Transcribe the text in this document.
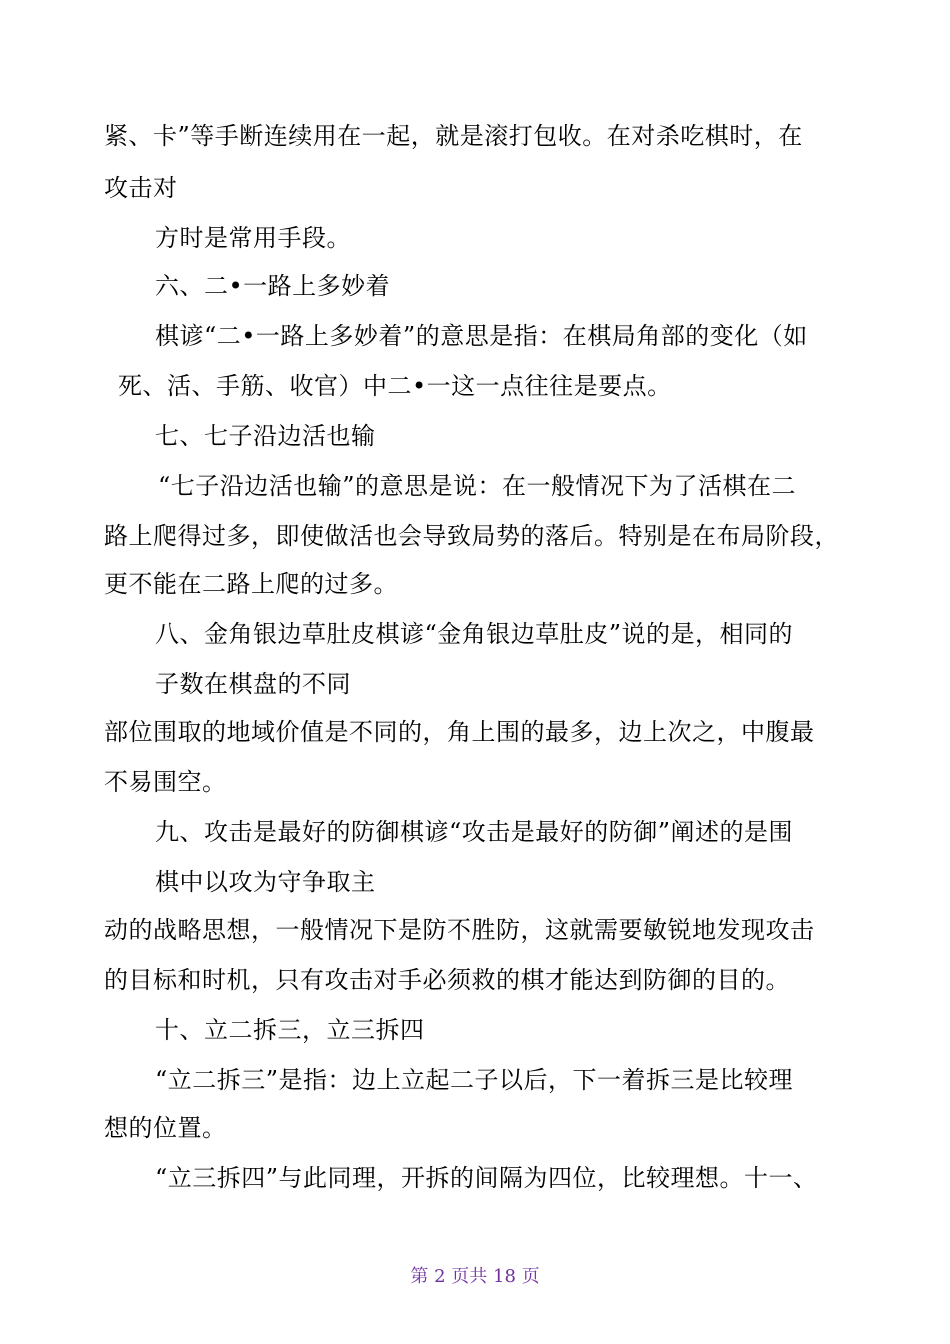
紧、卡”等手断连续用在一起，就是滚打包收。在对杀吃棋时，在
攻击对
方时是常用手段。
六、二•一路上多妙着
棋谚“二•一路上多妙着”的意思是指：在棋局角部的变化（如
死、活、手筋、收官）中二•一这一点往往是要点。
七、七子沿边活也输
“七子沿边活也输”的意思是说：在一般情况下为了活棋在二
路上爬得过多，即使做活也会导致局势的落后。特别是在布局阶段，
更不能在二路上爬的过多。
八、金角银边草肚皮棋谚“金角银边草肚皮”说的是，相同的
子数在棋盘的不同
部位围取的地域价值是不同的，角上围的最多，边上次之，中腹最
不易围空。
九、攻击是最好的防御棋谚“攻击是最好的防御”阐述的是围
棋中以攻为守争取主
动的战略思想，一般情况下是防不胜防，这就需要敏锐地发现攻击
的目标和时机，只有攻击对手必须救的棋才能达到防御的目的。
十、立二拆三，立三拆四
“立二拆三”是指：边上立起二子以后，下一着拆三是比较理
想的位置。
“立三拆四”与此同理，开拆的间隔为四位，比较理想。十一、
第 2 页共 18 页
